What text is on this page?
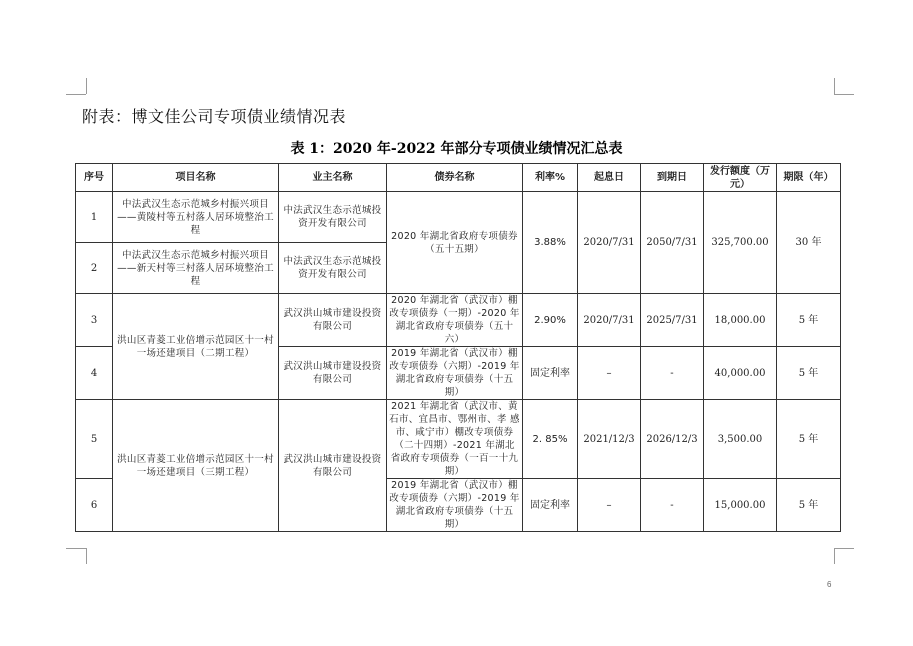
附表：博文佳公司专项债业绩情况表
表 1：2020 年-2022 年部分专项债业绩情况汇总表
序号	项目名称	业主名称	债券名称	利率%	起息日	到期日	发行额度（万元）	期限（年）
1	中法武汉生态示范城乡村振兴项目——黄陵村等五村落人居环境整治工程	中法武汉生态示范城投资开发有限公司	2020 年湖北省政府专项债券（五十五期）	3.88%	2020/7/31	2050/7/31	325,700.00	30 年
2	中法武汉生态示范城乡村振兴项目——新天村等三村落人居环境整治工程	中法武汉生态示范城投资开发有限公司						
3	洪山区青菱工业倍增示范园区十一村一场还建项目（二期工程）	武汉洪山城市建设投资有限公司	2020 年湖北省（武汉市）棚改专项债券（一期）-2020 年湖北省政府专项债券（五十六）	2.90%	2020/7/31	2025/7/31	18,000.00	5 年
4		武汉洪山城市建设投资有限公司	2019 年湖北省（武汉市）棚改专项债券（六期）-2019 年湖北省政府专项债券（十五期）	固定利率	–	-	40,000.00	5 年
5	洪山区青菱工业倍增示范园区十一村一场还建项目（三期工程）	武汉洪山城市建设投资有限公司	2021 年湖北省（武汉市、黄石市、宜昌市、鄂州市、孝 感市、咸宁市）棚改专项债券（二十四期）-2021 年湖北 省政府专项债券（一百一十九期）	2. 85%	2021/12/3	2026/12/3	3,500.00	5 年
6			2019 年湖北省（武汉市）棚改专项债券（六期）-2019 年湖北省政府专项债券（十五期）	固定利率	–	-	15,000.00	5 年
6
